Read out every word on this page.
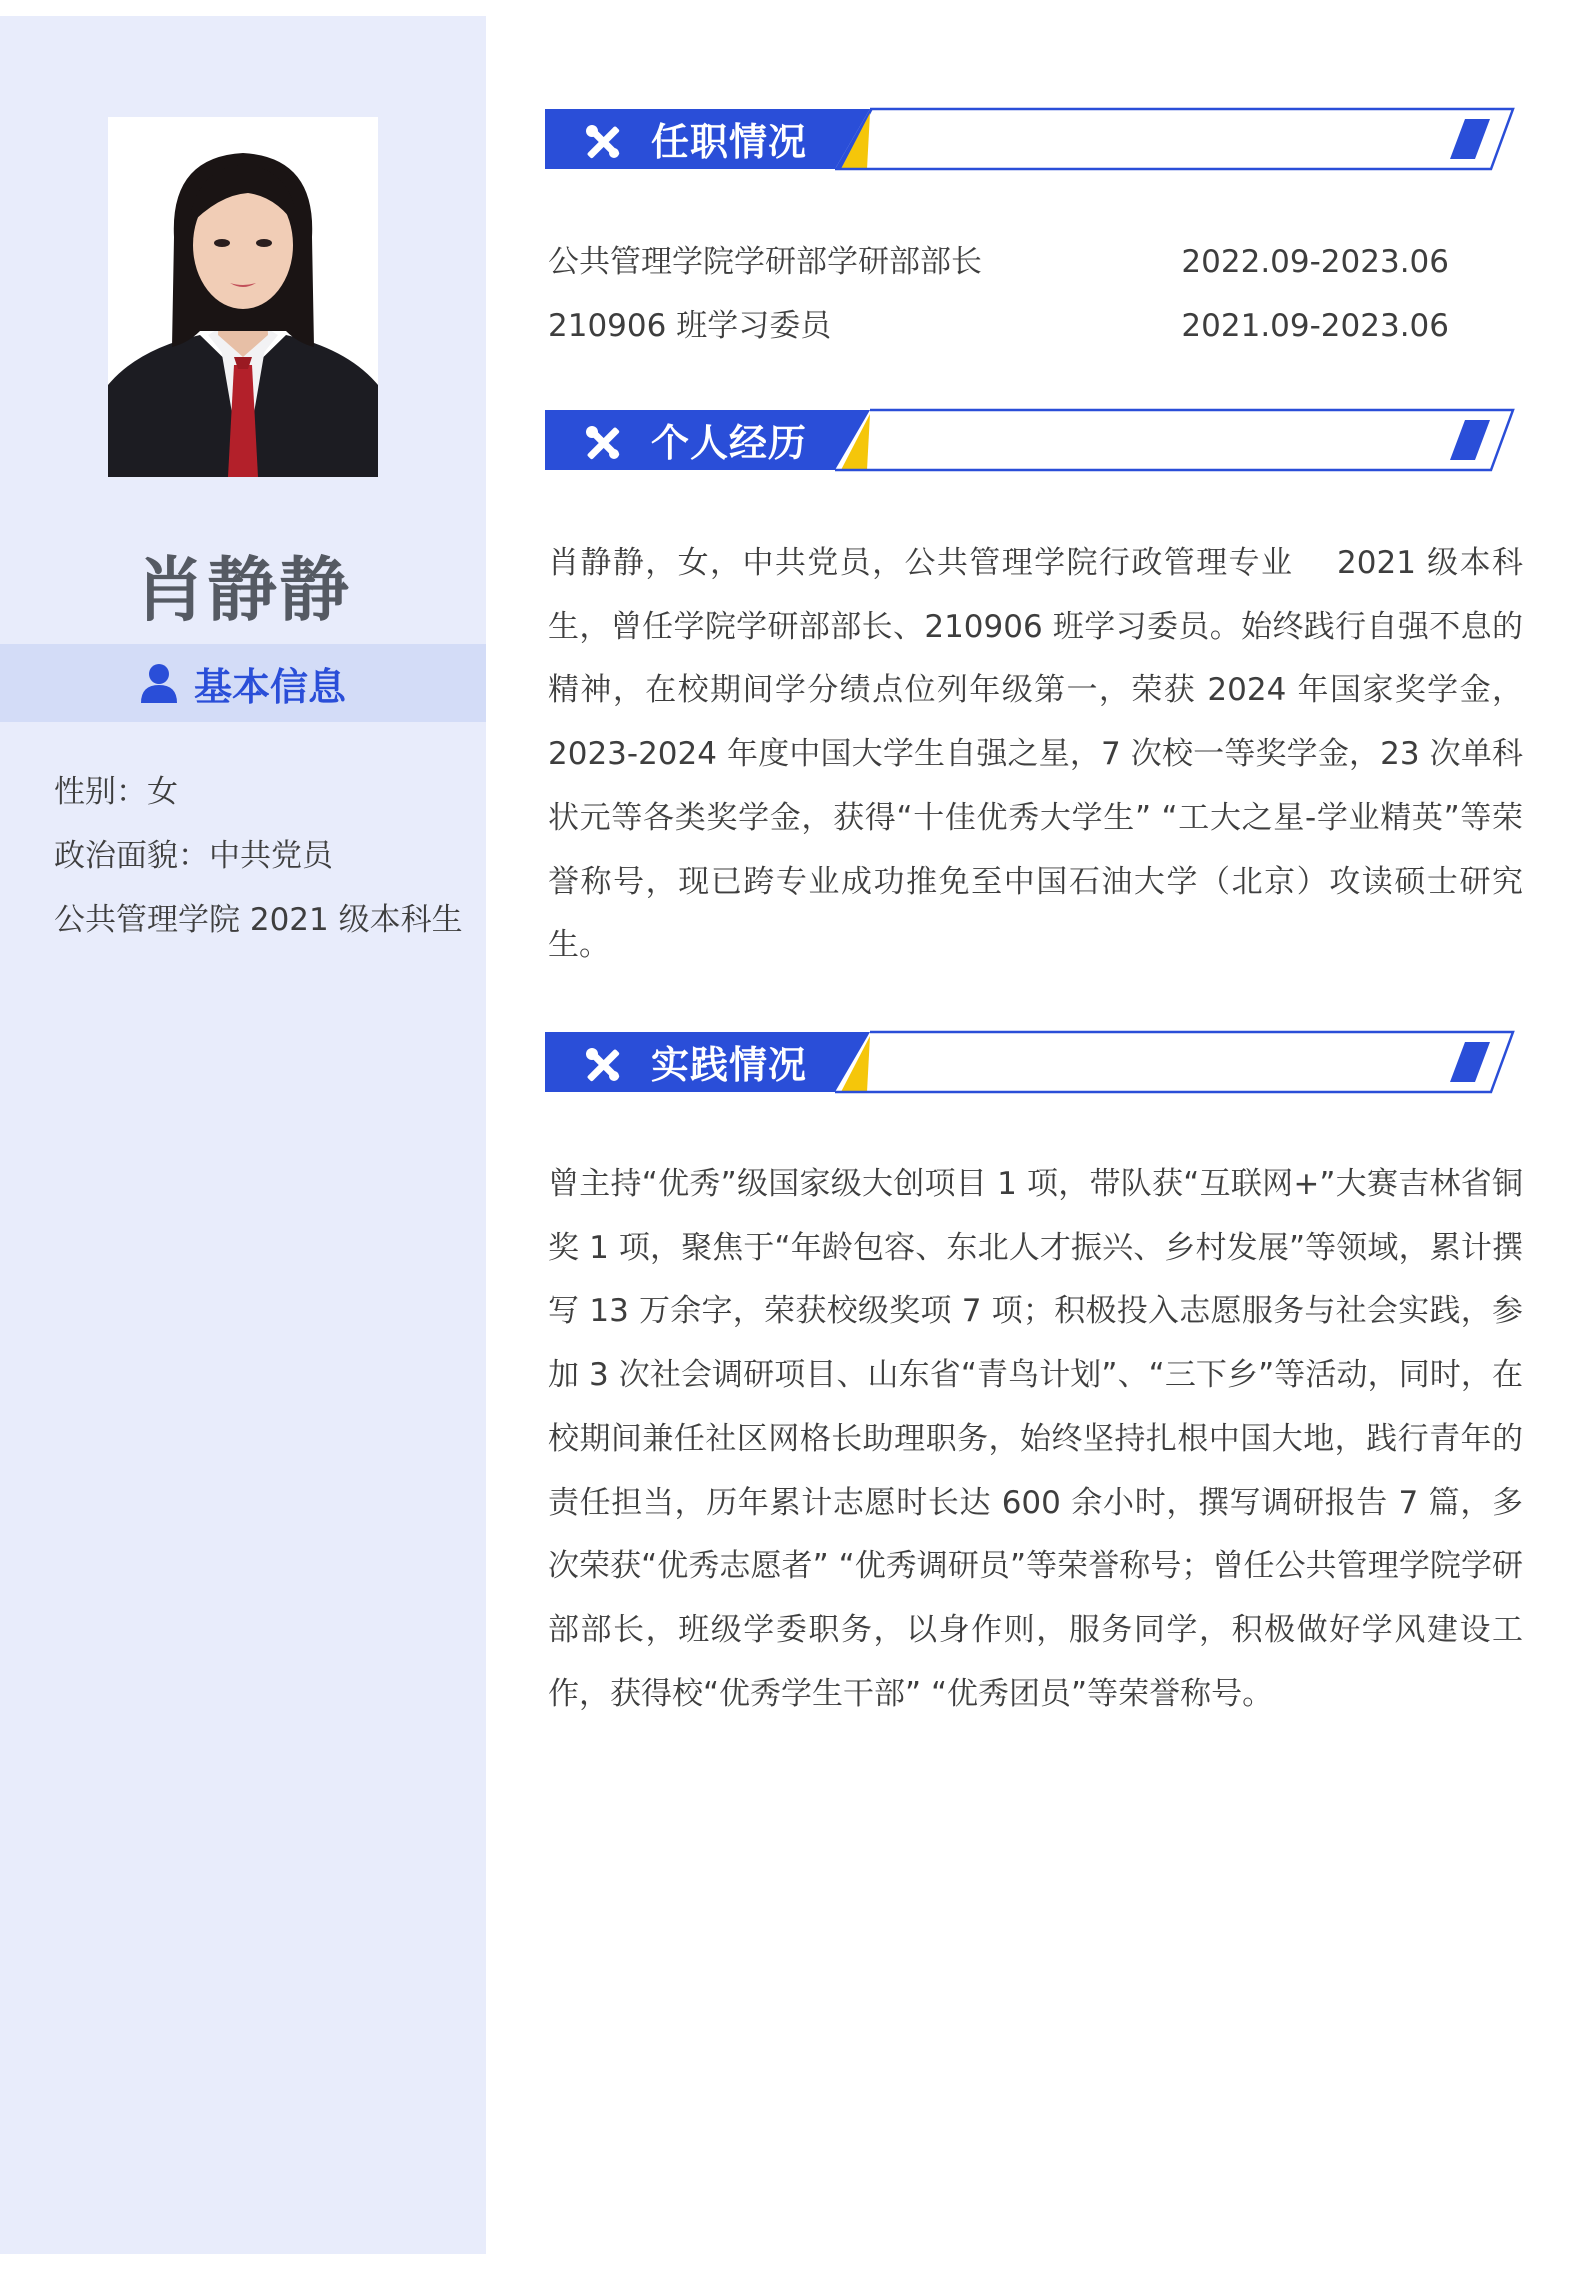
肖静静
基本信息
性别：女
政治面貌：中共党员
公共管理学院 2021 级本科生
任职情况
公共管理学院学研部学研部部长	2022.09-2023.06
210906 班学习委员	2021.09-2023.06
个人经历

肖静静，女，中共党员，公共管理学院行政管理专业　 2021 级本科生，曾任学院学研部部长、210906 班学习委员。始终践行自强不息的精神，在校期间学分绩点位列年级第一，荣获 2024 年国家奖学金，2023-2024 年度中国大学生自强之星，7 次校一等奖学金，23 次单科状元等各类奖学金，获得“十佳优秀大学生” “工大之星-学业精英”等荣誉称号，现已跨专业成功推免至中国石油大学（北京）攻读硕士研究生。

实践情况

曾主持“优秀”级国家级大创项目 1 项，带队获“互联网+”大赛吉林省铜奖 1 项，聚焦于“年龄包容、东北人才振兴、乡村发展”等领域，累计撰写 13 万余字，荣获校级奖项 7 项；积极投入志愿服务与社会实践，参加 3 次社会调研项目、山东省“青鸟计划”、“三下乡”等活动，同时，在校期间兼任社区网格长助理职务，始终坚持扎根中国大地，践行青年的责任担当，历年累计志愿时长达 600 余小时，撰写调研报告 7 篇，多次荣获“优秀志愿者” “优秀调研员”等荣誉称号；曾任公共管理学院学研部部长，班级学委职务，以身作则，服务同学，积极做好学风建设工作，获得校“优秀学生干部” “优秀团员”等荣誉称号。
